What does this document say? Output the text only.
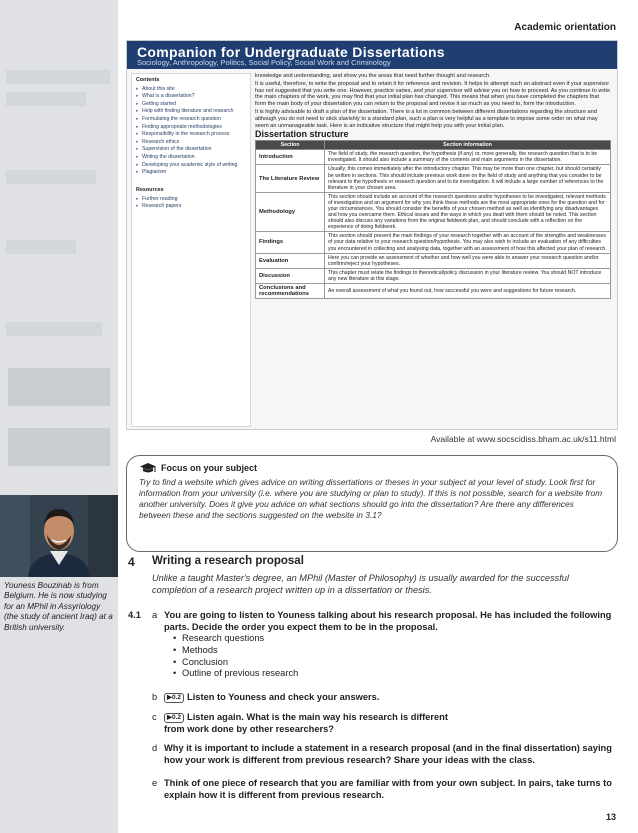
Academic orientation
Companion for Undergraduate Dissertations
Sociology, Anthropology, Politics, Social Policy, Social Work and Criminology
Contents
▸ About this site
▸ What is a dissertation?
▸ Getting started
▸ Help with finding literature and research
▸ Formulating the research question
▸ Finding appropriate methodologies
▸ Responsibility in the research process
▸ Research ethics
▸ Supervision of the dissertation
▸ Writing the dissertation
▸ Developing your academic style of writing
▸ Plagiarism
Resources
▸ Further reading
▸ Research papers

knowledge and understanding, and show you the areas that need further thought and research.

It is useful, therefore, to write the proposal and to retain it for reference and revision. It helps to attempt such an abstract even if your supervisor has not suggested that you write one. However, practice varies, and your supervisor will advise you on how to proceed. As you continue to write the main chapters of the work, you may find that your initial plan has changed. This means that when you have completed the chapters that form the main body of your dissertation you can return to the proposal and revise it as much as you need to, form the introduction.

It is highly advisable to draft a plan of the dissertation. There is a lot in common between different dissertations regarding the structure and although you do not need to stick slavishly to a standard plan, such a plan is very helpful as a template to impose some order on what may seem an unmanageable task. Here is an indicative structure that might help you with your initial plan.

Dissertation structure
Section	Section information
Introduction	The field of study, the research question, the hypothesis (if any) or, more generally, the research question that is to be investigated. It should also include a summary of the contents and main arguments in the dissertation.
The Literature Review	Usually, this comes immediately after the introductory chapter. This may be more than one chapter, but should certainly be written in sections. This should include previous work done on the field of study and anything that you consider to be relevant to the hypothesis or research question and to its investigation. It will include a large number of references to the literature in your chosen area.
Methodology	This section should include an account of the research questions and/or hypotheses to be investigated, relevant methods of investigation and an argument for why you think these methods are the most appropriate ones for the question and for your circumstances. You should consider the benefits of your chosen method as well as identifying any disadvantages and how you overcame them. Ethical issues and the ways in which you dealt with them should be noted. This section should also discuss any variations from the original fieldwork plan, and should conclude with a reflection on the experience of doing fieldwork.
Findings	This section should present the main findings of your research together with an account of the strengths and weaknesses of your data relative to your research question/hypothesis. You may also wish to include an evaluation of any difficulties you encountered in collecting and analysing data, together with an assessment of how this affected your plan of research.
Evaluation	Here you can provide an assessment of whether and how well you were able to answer your research question and/or confirm/reject your hypotheses.
Discussion	This chapter must relate the findings to theoretical/policy discussion in your literature review. You should NOT introduce any new literature at this stage.
Conclusions and recommendations	An overall assessment of what you found out, how successful you were and suggestions for future research.
Available at www.socscidiss.bham.ac.uk/s11.html
Focus on your subject
Try to find a website which gives advice on writing dissertations or theses in your subject at your level of study. Look first for information from your university (i.e. where you are studying or plan to study). If this is not possible, search for a website from another university. Does it give you advice on what sections should go into the dissertation? Are there any differences between these and the sections suggested on the website in 3.1?
Youness Bouzinab is from Belgium. He is now studying for an MPhil in Assyriology (the study of ancient Iraq) at a British university.
4 Writing a research proposal
Unlike a taught Master's degree, an MPhil (Master of Philosophy) is usually awarded for the successful completion of a research project written up in a dissertation or thesis.
4.1 a You are going to listen to Youness talking about his research proposal. He has included the following parts. Decide the order you expect them to be in the proposal.
• Research questions
• Methods
• Conclusion
• Outline of previous research
b	▶0.2 Listen to Youness and check your answers.
c	▶0.2 Listen again. What is the main way his research is different from work done by other researchers?
d Why it is important to include a statement in a research proposal (and in the final dissertation) saying how your work is different from previous research? Share your ideas with the class.
e Think of one piece of research that you are familiar with from your own subject. In pairs, take turns to explain how it is different from previous research.
13
